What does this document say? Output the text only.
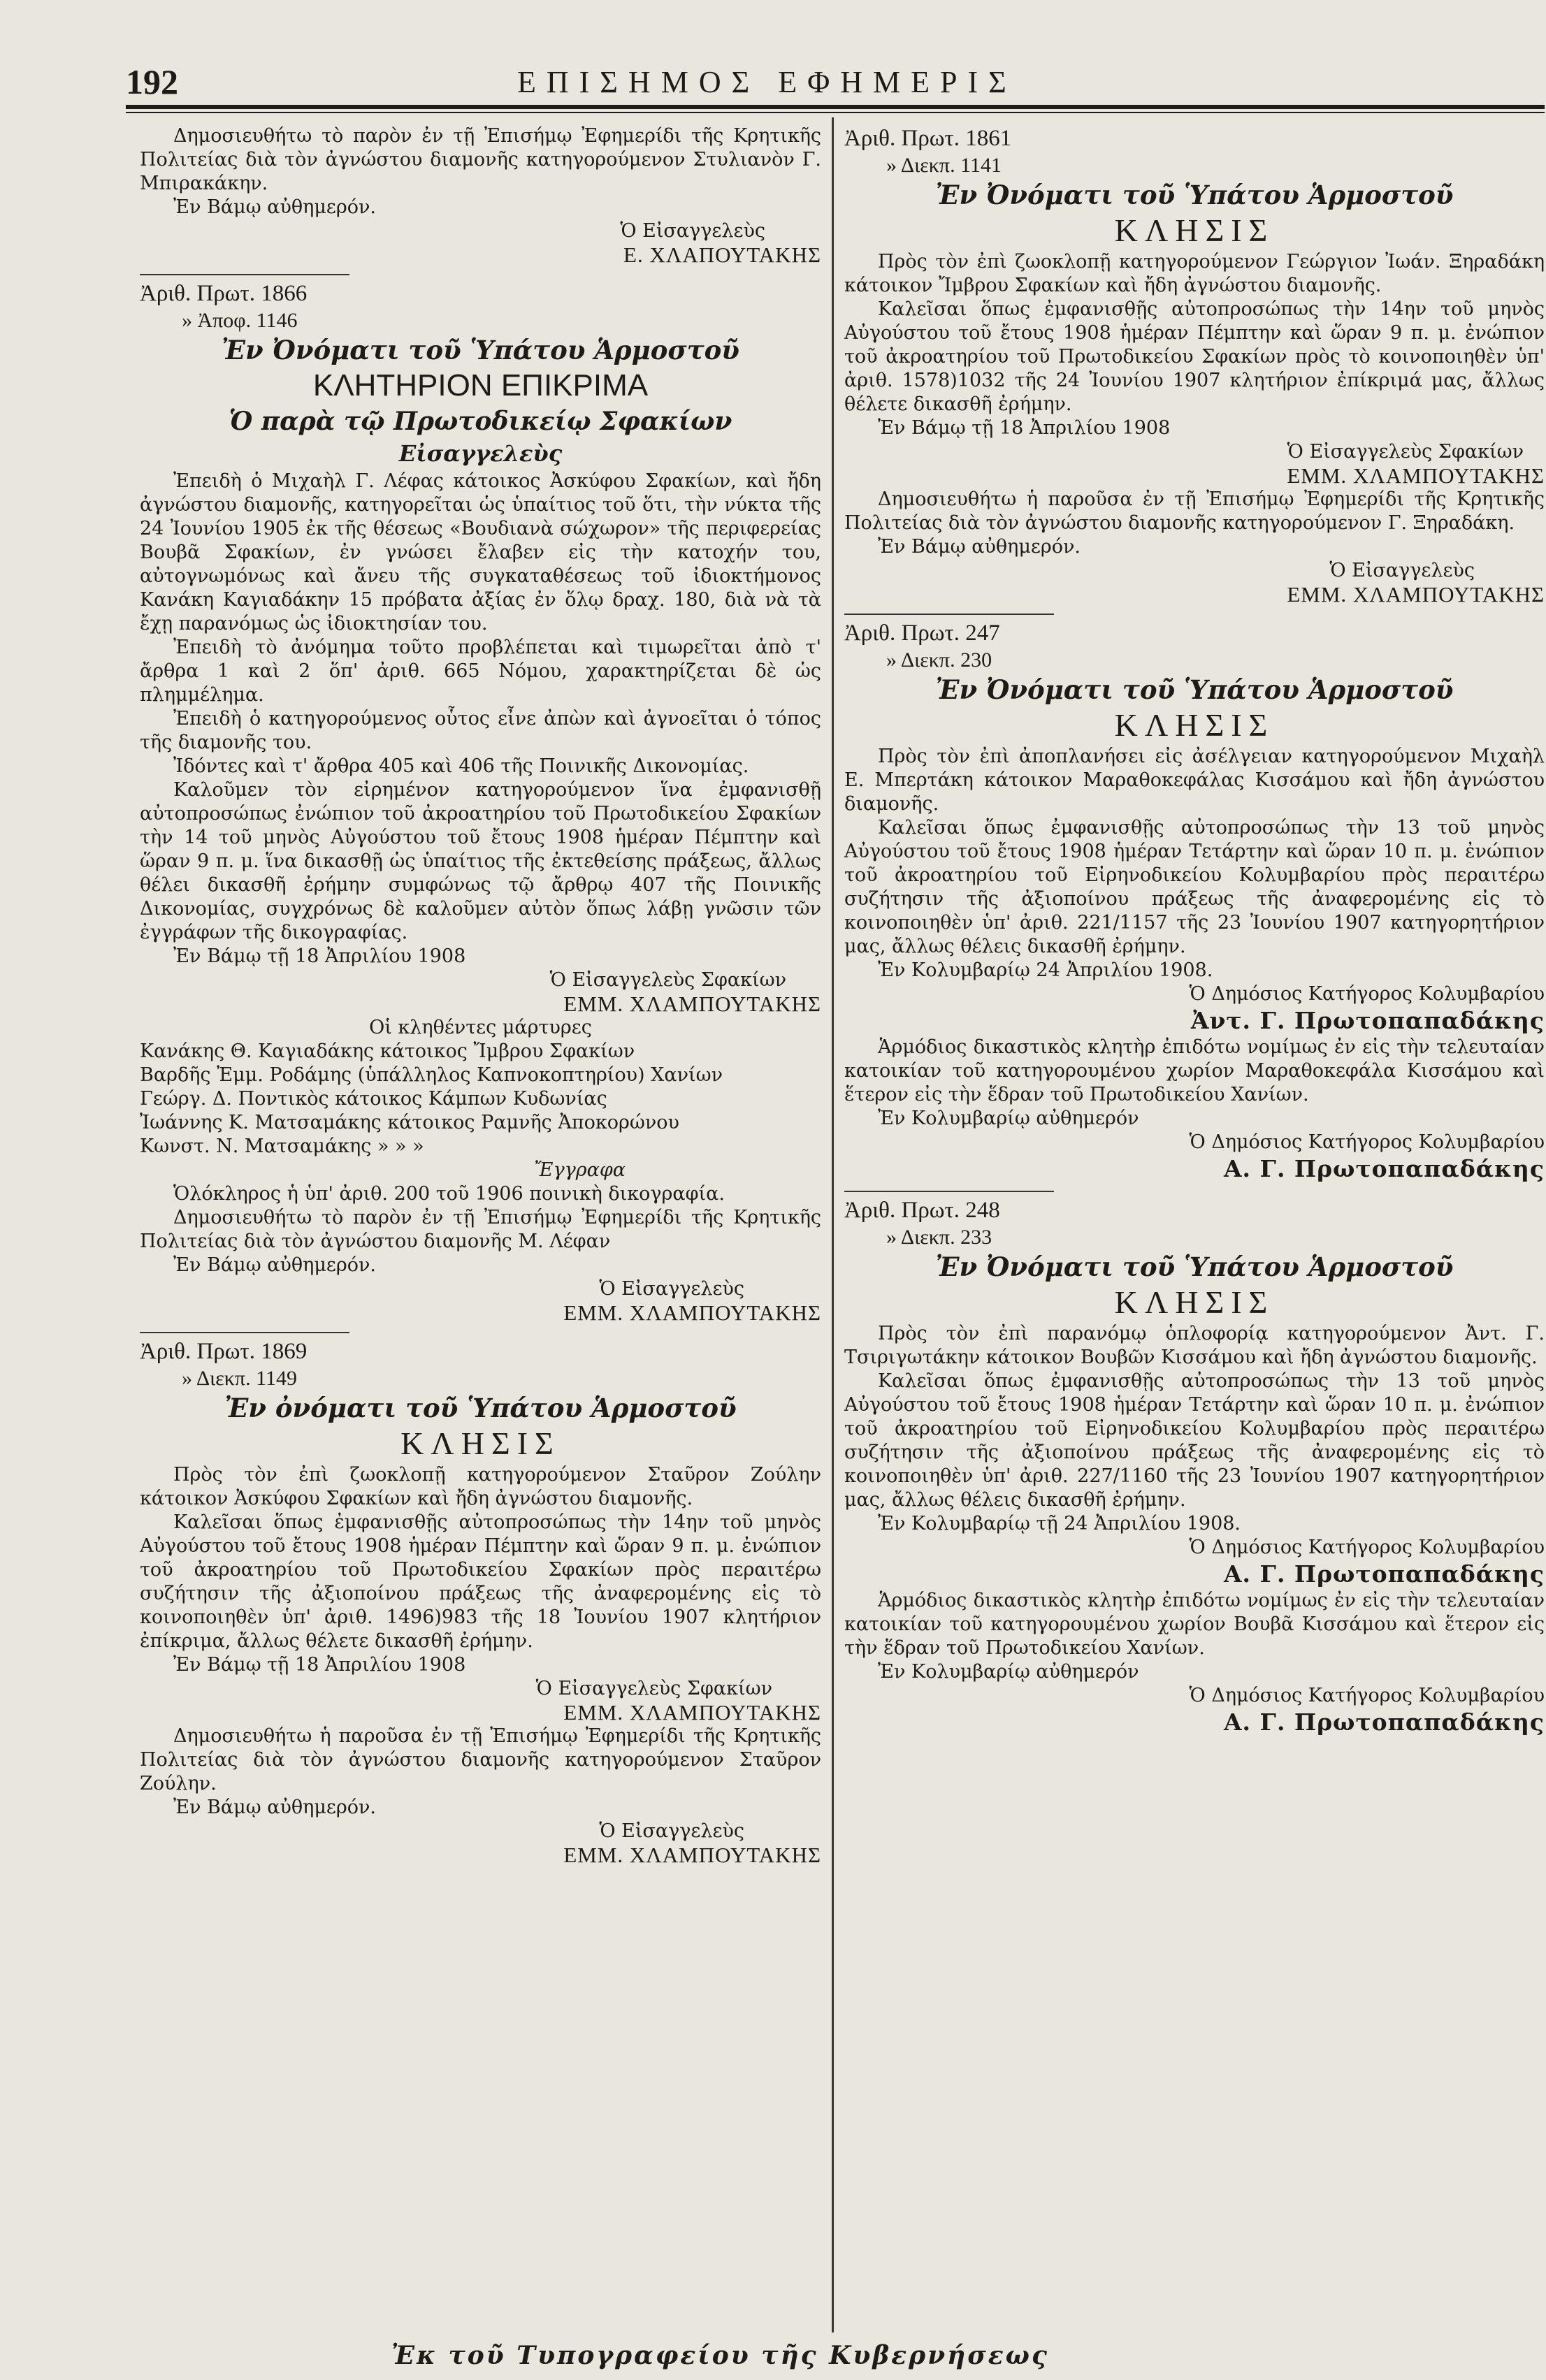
192	ΕΠΙΣΗΜΟΣ ΕΦΗΜΕΡΙΣ

Δημοσιευθήτω τὸ παρὸν ἐν τῇ Ἐπισήμῳ Ἐφημερίδι τῆς Κρητικῆς Πολιτείας διὰ τὸν ἀγνώστου διαμονῆς κατηγορούμενον Στυλιανὸν Γ. Μπιρακάκην.

Ἐν Βάμῳ αὐθημερόν.

Ὁ Εἰσαγγελεὺς

Ε. ΧΛΑΠΟΥΤΑΚΗΣ

Ἀριθ. Πρωτ. 1866

» Ἀποφ. 1146

Ἐν Ὀνόματι τοῦ Ὑπάτου Ἁρμοστοῦ

ΚΛΗΤΗΡΙΟΝ ΕΠΙΚΡΙΜΑ

Ὁ παρὰ τῷ Πρωτοδικείῳ Σφακίων

Εἰσαγγελεὺς

Ἐπειδὴ ὁ Μιχαὴλ Γ. Λέφας κάτοικος Ἀσκύφου Σφακίων, καὶ ἤδη ἀγνώστου διαμονῆς, κατηγορεῖται ὡς ὑπαίτιος τοῦ ὅτι, τὴν νύκτα τῆς 24 Ἰουνίου 1905 ἐκ τῆς θέσεως «Βουδιανὰ σώχωρον» τῆς περιφερείας Βουβᾶ Σφακίων, ἐν γνώσει ἔλαβεν εἰς τὴν κατοχήν του, αὐτογνωμόνως καὶ ἄνευ τῆς συγκαταθέσεως τοῦ ἰδιοκτήμονος Κανάκη Καγιαδάκην 15 πρόβατα ἀξίας ἐν ὅλῳ δραχ. 180, διὰ νὰ τὰ ἔχῃ παρανόμως ὡς ἰδιοκτησίαν του.

Ἐπειδὴ τὸ ἀνόμημα τοῦτο προβλέπεται καὶ τιμωρεῖται ἀπὸ τ' ἄρθρα 1 καὶ 2 ὅπ' ἀριθ. 665 Νόμου, χαρακτηρίζεται δὲ ὡς πλημμέλημα.

Ἐπειδὴ ὁ κατηγορούμενος οὗτος εἶνε ἀπὼν καὶ ἀγνοεῖται ὁ τόπος τῆς διαμονῆς του.

Ἰδόντες καὶ τ' ἄρθρα 405 καὶ 406 τῆς Ποινικῆς Δικονομίας.

Καλοῦμεν τὸν εἰρημένον κατηγορούμενον ἵνα ἐμφανισθῇ αὐτοπροσώπως ἐνώπιον τοῦ ἀκροατηρίου τοῦ Πρωτοδικείου Σφακίων τὴν 14 τοῦ μηνὸς Αὐγούστου τοῦ ἔτους 1908 ἡμέραν Πέμπτην καὶ ὥραν 9 π. μ. ἵνα δικασθῇ ὡς ὑπαίτιος τῆς ἐκτεθείσης πράξεως, ἄλλως θέλει δικασθῆ ἐρήμην συμφώνως τῷ ἄρθρῳ 407 τῆς Ποινικῆς Δικονομίας, συγχρόνως δὲ καλοῦμεν αὐτὸν ὅπως λάβῃ γνῶσιν τῶν ἐγγράφων τῆς δικογραφίας.

Ἐν Βάμῳ τῇ 18 Ἀπριλίου 1908

Ὁ Εἰσαγγελεὺς Σφακίων

ΕΜΜ. ΧΛΑΜΠΟΥΤΑΚΗΣ

Οἱ κληθέντες μάρτυρες

Κανάκης Θ. Καγιαδάκης κάτοικος Ἴμβρου Σφακίων

Βαρδῆς Ἐμμ. Ροδάμης (ὑπάλληλος Καπνοκοπτηρίου) Χανίων

Γεώργ. Δ. Ποντικὸς κάτοικος Κάμπων Κυδωνίας

Ἰωάννης Κ. Ματσαμάκης κάτοικος Ραμνῆς Ἀποκορώνου

Κωνστ. Ν. Ματσαμάκης » » »

Ἔγγραφα

Ὁλόκληρος ἡ ὑπ' ἀριθ. 200 τοῦ 1906 ποινικὴ δικογραφία.

Δημοσιευθήτω τὸ παρὸν ἐν τῇ Ἐπισήμῳ Ἐφημερίδι τῆς Κρητικῆς Πολιτείας διὰ τὸν ἀγνώστου διαμονῆς Μ. Λέφαν

Ἐν Βάμῳ αὐθημερόν.

Ὁ Εἰσαγγελεὺς

ΕΜΜ. ΧΛΑΜΠΟΥΤΑΚΗΣ

Ἀριθ. Πρωτ. 1869

» Διεκπ. 1149

Ἐν ὀνόματι τοῦ Ὑπάτου Ἁρμοστοῦ

ΚΛΗΣΙΣ

Πρὸς τὸν ἐπὶ ζωοκλοπῇ κατηγορούμενον Σταῦρον Ζούλην κάτοικον Ἀσκύφου Σφακίων καὶ ἤδη ἀγνώστου διαμονῆς.

Καλεῖσαι ὅπως ἐμφανισθῇς αὐτοπροσώπως τὴν 14ην τοῦ μηνὸς Αὐγούστου τοῦ ἔτους 1908 ἡμέραν Πέμπτην καὶ ὥραν 9 π. μ. ἐνώπιον τοῦ ἀκροατηρίου τοῦ Πρωτοδικείου Σφακίων πρὸς περαιτέρω συζήτησιν τῆς ἀξιοποίνου πράξεως τῆς ἀναφερομένης εἰς τὸ κοινοποιηθὲν ὑπ' ἀριθ. 1496)983 τῆς 18 Ἰουνίου 1907 κλητήριον ἐπίκριμα, ἄλλως θέλετε δικασθῆ ἐρήμην.

Ἐν Βάμῳ τῇ 18 Ἀπριλίου 1908

Ὁ Εἰσαγγελεὺς Σφακίων

ΕΜΜ. ΧΛΑΜΠΟΥΤΑΚΗΣ

Δημοσιευθήτω ἡ παροῦσα ἐν τῇ Ἐπισήμῳ Ἐφημερίδι τῆς Κρητικῆς Πολιτείας διὰ τὸν ἀγνώστου διαμονῆς κατηγορούμενον Σταῦρον Ζούλην.

Ἐν Βάμῳ αὐθημερόν.

Ὁ Εἰσαγγελεὺς

ΕΜΜ. ΧΛΑΜΠΟΥΤΑΚΗΣ

Ἀριθ. Πρωτ. 1861

» Διεκπ. 1141

Ἐν Ὀνόματι τοῦ Ὑπάτου Ἁρμοστοῦ

ΚΛΗΣΙΣ

Πρὸς τὸν ἐπὶ ζωοκλοπῇ κατηγορούμενον Γεώργιον Ἰωάν. Ξηραδάκη κάτοικον Ἴμβρου Σφακίων καὶ ἤδη ἀγνώστου διαμονῆς.

Καλεῖσαι ὅπως ἐμφανισθῇς αὐτοπροσώπως τὴν 14ην τοῦ μηνὸς Αὐγούστου τοῦ ἔτους 1908 ἡμέραν Πέμπτην καὶ ὥραν 9 π. μ. ἐνώπιον τοῦ ἀκροατηρίου τοῦ Πρωτοδικείου Σφακίων πρὸς τὸ κοινοποιηθὲν ὑπ' ἀριθ. 1578)1032 τῆς 24 Ἰουνίου 1907 κλητήριον ἐπίκριμά μας, ἄλλως θέλετε δικασθῆ ἐρήμην.

Ἐν Βάμῳ τῇ 18 Ἀπριλίου 1908

Ὁ Εἰσαγγελεὺς Σφακίων

ΕΜΜ. ΧΛΑΜΠΟΥΤΑΚΗΣ

Δημοσιευθήτω ἡ παροῦσα ἐν τῇ Ἐπισήμῳ Ἐφημερίδι τῆς Κρητικῆς Πολιτείας διὰ τὸν ἀγνώστου διαμονῆς κατηγορούμενον Γ. Ξηραδάκη.

Ἐν Βάμῳ αὐθημερόν.

Ὁ Εἰσαγγελεὺς

ΕΜΜ. ΧΛΑΜΠΟΥΤΑΚΗΣ

Ἀριθ. Πρωτ. 247

» Διεκπ. 230

Ἐν Ὀνόματι τοῦ Ὑπάτου Ἁρμοστοῦ

ΚΛΗΣΙΣ

Πρὸς τὸν ἐπὶ ἀποπλανήσει εἰς ἀσέλγειαν κατηγορούμενον Μιχαὴλ Ε. Μπερτάκη κάτοικον Μαραθοκεφάλας Κισσάμου καὶ ἤδη ἀγνώστου διαμονῆς.

Καλεῖσαι ὅπως ἐμφανισθῇς αὐτοπροσώπως τὴν 13 τοῦ μηνὸς Αὐγούστου τοῦ ἔτους 1908 ἡμέραν Τετάρτην καὶ ὥραν 10 π. μ. ἐνώπιον τοῦ ἀκροατηρίου τοῦ Εἰρηνοδικείου Κολυμβαρίου πρὸς περαιτέρω συζήτησιν τῆς ἀξιοποίνου πράξεως τῆς ἀναφερομένης εἰς τὸ κοινοποιηθὲν ὑπ' ἀριθ. 221/1157 τῆς 23 Ἰουνίου 1907 κατηγορητήριον μας, ἄλλως θέλεις δικασθῆ ἐρήμην.

Ἐν Κολυμβαρίῳ 24 Ἀπριλίου 1908.

Ὁ Δημόσιος Κατήγορος Κολυμβαρίου

Ἀντ. Γ. Πρωτοπαπαδάκης

Ἁρμόδιος δικαστικὸς κλητὴρ ἐπιδότω νομίμως ἐν εἰς τὴν τελευταίαν κατοικίαν τοῦ κατηγορουμένου χωρίον Μαραθοκεφάλα Κισσάμου καὶ ἕτερον εἰς τὴν ἕδραν τοῦ Πρωτοδικείου Χανίων.

Ἐν Κολυμβαρίῳ αὐθημερόν

Ὁ Δημόσιος Κατήγορος Κολυμβαρίου

Α. Γ. Πρωτοπαπαδάκης

Ἀριθ. Πρωτ. 248

» Διεκπ. 233

Ἐν Ὀνόματι τοῦ Ὑπάτου Ἁρμοστοῦ

ΚΛΗΣΙΣ

Πρὸς τὸν ἐπὶ παρανόμῳ ὁπλοφορίᾳ κατηγορούμενον Ἀντ. Γ. Τσιριγωτάκην κάτοικον Βουβῶν Κισσάμου καὶ ἤδη ἀγνώστου διαμονῆς.

Καλεῖσαι ὅπως ἐμφανισθῇς αὐτοπροσώπως τὴν 13 τοῦ μηνὸς Αὐγούστου τοῦ ἔτους 1908 ἡμέραν Τετάρτην καὶ ὥραν 10 π. μ. ἐνώπιον τοῦ ἀκροατηρίου τοῦ Εἰρηνοδικείου Κολυμβαρίου πρὸς περαιτέρω συζήτησιν τῆς ἀξιοποίνου πράξεως τῆς ἀναφερομένης εἰς τὸ κοινοποιηθὲν ὑπ' ἀριθ. 227/1160 τῆς 23 Ἰουνίου 1907 κατηγορητήριον μας, ἄλλως θέλεις δικασθῆ ἐρήμην.

Ἐν Κολυμβαρίῳ τῇ 24 Ἀπριλίου 1908.

Ὁ Δημόσιος Κατήγορος Κολυμβαρίου

Α. Γ. Πρωτοπαπαδάκης

Ἁρμόδιος δικαστικὸς κλητὴρ ἐπιδότω νομίμως ἐν εἰς τὴν τελευταίαν κατοικίαν τοῦ κατηγορουμένου χωρίον Βουβᾶ Κισσάμου καὶ ἕτερον εἰς τὴν ἕδραν τοῦ Πρωτοδικείου Χανίων.

Ἐν Κολυμβαρίῳ αὐθημερόν

Ὁ Δημόσιος Κατήγορος Κολυμβαρίου

Α. Γ. Πρωτοπαπαδάκης

Ἐκ τοῦ Τυπογραφείου τῆς Κυβερνήσεως
